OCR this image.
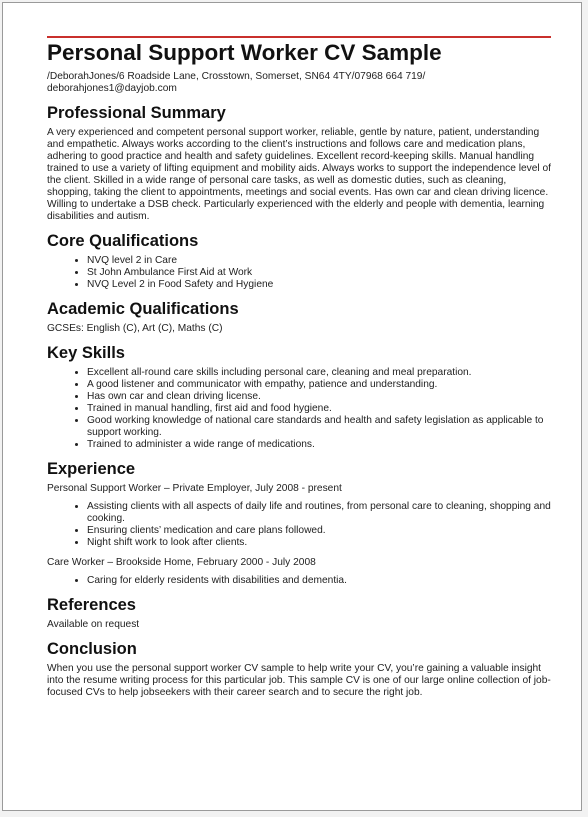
Personal Support Worker CV Sample
/DeborahJones/6 Roadside Lane, Crosstown, Somerset, SN64 4TY/07968 664 719/ deborahjones1@dayjob.com
Professional Summary

A very experienced and competent personal support worker, reliable, gentle by nature, patient, understanding and empathetic. Always works according to the client’s instructions and follows care and medication plans, adhering to good practice and health and safety guidelines. Excellent record-keeping skills. Manual handling trained to use a variety of lifting equipment and mobility aids. Always works to support the independence level of the client. Skilled in a wide range of personal care tasks, as well as domestic duties, such as cleaning, shopping, taking the client to appointments, meetings and social events. Has own car and clean driving licence. Willing to undertake a DSB check. Particularly experienced with the elderly and people with dementia, learning disabilities and autism.

Core Qualifications
• NVQ level 2 in Care
• St John Ambulance First Aid at Work
• NVQ Level 2 in Food Safety and Hygiene
Academic Qualifications

GCSEs: English (C), Art (C), Maths (C)

Key Skills
• Excellent all-round care skills including personal care, cleaning and meal preparation.
• A good listener and communicator with empathy, patience and understanding.
• Has own car and clean driving license.
• Trained in manual handling, first aid and food hygiene.
• Good working knowledge of national care standards and health and safety legislation as applicable to support working.
• Trained to administer a wide range of medications.
Experience

Personal Support Worker – Private Employer, July 2008 - present

• Assisting clients with all aspects of daily life and routines, from personal care to cleaning, shopping and cooking.
• Ensuring clients’ medication and care plans followed.
• Night shift work to look after clients.

Care Worker – Brookside Home, February 2000 - July 2008

• Caring for elderly residents with disabilities and dementia.
References

Available on request

Conclusion

When you use the personal support worker CV sample to help write your CV, you’re gaining a valuable insight into the resume writing process for this particular job. This sample CV is one of our large online collection of job-focused CVs to help jobseekers with their career search and to secure the right job.
